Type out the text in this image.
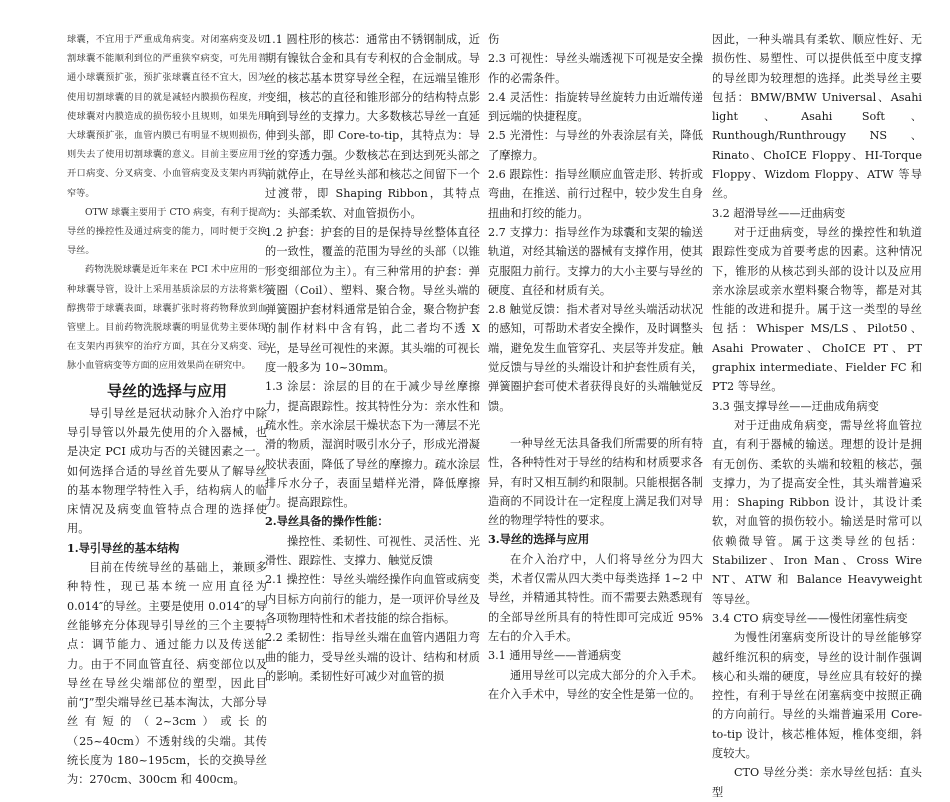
球囊，不宜用于严重成角病变。对闭塞病变及切割球囊不能顺利到位的严重狭窄病变，可先用普通小球囊预扩张，预扩张球囊直径不宜大，因为使用切割球囊的目的就是减轻内膜损伤程度，并使球囊对内膜造成的损伤较小且规则，如果先用大球囊预扩张，血管内膜已有明显不规则损伤，则失去了使用切割球囊的意义。目前主要应用于开口病变、分叉病变、小血管病变及支架内再狭窄等。

OTW 球囊主要用于 CTO 病变，有利于提高导丝的操控性及通过病变的能力，同时便于交换导丝。

药物洗脱球囊是近年来在 PCI 术中应用的一种球囊导管，设计上采用基质涂层的方法将紫杉醇携带于球囊表面，球囊扩张时将药物释放到血管壁上。目前药物洗脱球囊的明显优势主要体现在支架内再狭窄的治疗方面，其在分叉病变、冠脉小血管病变等方面的应用效果尚在研究中。

导丝的选择与应用

导引导丝是冠状动脉介入治疗中除导引导管以外最先使用的介入器械，也是决定 PCI 成功与否的关键因素之一。如何选择合适的导丝首先要从了解导丝的基本物理学特性入手，结构病人的临床情况及病变血管特点合理的选择使用。

1.导引导丝的基本结构

目前在传统导丝的基础上，兼顾多种特性，现已基本统一应用直径为 0.014″的导丝。主要是使用 0.014″的导丝能够充分体现导引导丝的三个主要特点：调节能力、通过能力以及传送能力。由于不同血管直径、病变部位以及导丝在导丝尖端部位的塑型，因此目前“J”型尖端导丝已基本淘汰，大部分导丝有短的（2~3cm）或长的（25~40cm）不透射线的尖端。其传统长度为 180~195cm，长的交换导丝为：270cm、300cm 和 400cm。

1.1 圆柱形的核芯：通常由不锈钢制成，近期有镍钛合金和具有专利权的合金制成。导丝的核芯基本贯穿导丝全程，在远端呈锥形变细，核芯的直径和锥形部分的结构特点影响到导丝的支撑力。大多数核芯导丝一直延伸到头部，即 Core-to-tip，其特点为：导丝的穿透力强。少数核芯在到达到死头部之前就停止，在导丝头部和核芯之间留下一个过渡带，即 Shaping Ribbon，其特点为：头部柔软、对血管损伤小。

1.2 护套：护套的目的是保持导丝整体直径的一致性，覆盖的范围为导丝的头部（以锥形变细部位为主）。有三种常用的护套：弹簧圈（Coil）、塑料、聚合物。导丝头端的弹簧圈护套材料通常是铂合金，聚合物护套的制作材料中含有钨，此二者均不透 X 光，是导丝可视性的来源。其头端的可视长度一般多为 10~30mm。

1.3 涂层：涂层的目的在于减少导丝摩擦力，提高跟踪性。按其特性分为：亲水性和疏水性。亲水涂层干燥状态下为一薄层不光滑的物质，湿润时吸引水分子，形成光滑凝胶状表面，降低了导丝的摩擦力。疏水涂层排斥水分子，表面呈蜡样光滑，降低摩擦力。提高跟踪性。

2.导丝具备的操作性能：

操控性、柔韧性、可视性、灵活性、光滑性、跟踪性、支撑力、触觉反馈

2.1 操控性：导丝头端经操作向血管或病变内目标方向前行的能力，是一项评价导丝及各项物理特性和术者技能的综合指标。

2.2 柔韧性：指导丝头端在血管内遇阻力弯曲的能力，受导丝头端的设计、结构和材质的影响。柔韧性好可减少对血管的损

伤

2.3 可视性：导丝头端透视下可视是安全操作的必需条件。

2.4 灵活性：指旋转导丝旋转力由近端传递到远端的快捷程度。

2.5 光滑性：与导丝的外表涂层有关，降低了摩擦力。

2.6 跟踪性：指导丝顺应血管走形、转折或弯曲，在推送、前行过程中，较少发生自身扭曲和打绞的能力。

2.7 支撑力：指导丝作为球囊和支架的输送轨道，对经其输送的器械有支撑作用，使其克服阻力前行。支撑力的大小主要与导丝的硬度、直径和材质有关。

2.8 触觉反馈：指术者对导丝头端活动状况的感知，可帮助术者安全操作，及时调整头端，避免发生血管穿孔、夹层等并发症。触觉反馈与导丝的头端设计和护套性质有关，弹簧圈护套可使术者获得良好的头端触觉反馈。

一种导丝无法具备我们所需要的所有特性，各种特性对于导丝的结构和材质要求各异，有时又相互制约和限制。只能根据各制造商的不同设计在一定程度上满足我们对导丝的物理学特性的要求。

3.导丝的选择与应用

在介入治疗中，人们将导丝分为四大类，术者仅需从四大类中每类选择 1~2 中导丝，并精通其特性。而不需要去熟悉现有的全部导丝所具有的特性即可完成近 95%左右的介入手术。

3.1 通用导丝——普通病变

通用导丝可以完成大部分的介入手术。在介入手术中，导丝的安全性是第一位的。

因此，一种头端具有柔软、顺应性好、无损伤性、易塑性、可以提供低至中度支撑的导丝即为较理想的选择。此类导丝主要包括：BMW/BMW Universal、Asahi light、Asahi Soft、Runthough/Runthrougy NS 、Rinato、ChoICE Floppy、HI-Torque Floppy、Wizdom Floppy、ATW 等导丝。

3.2 超滑导丝——迂曲病变

对于迂曲病变，导丝的操控性和轨道跟踪性变成为首要考虑的因素。这种情况下，锥形的从核芯到头部的设计以及应用亲水涂层或亲水塑料聚合物等，都是对其性能的改进和提升。属于这一类型的导丝包括：Whisper MS/LS、Pilot50、Asahi Prowater、ChoICE PT、PT graphix intermediate、Fielder FC 和 PT2 等导丝。

3.3 强支撑导丝——迂曲成角病变

对于迂曲成角病变，需导丝将血管拉直，有利于器械的输送。理想的设计是拥有无创伤、柔软的头端和较粗的核芯，强支撑力，为了提高安全性，其头端普遍采用：Shaping Ribbon 设计，其设计柔软，对血管的损伤较小。输送是时常可以依赖微导管。属于这类导丝的包括：Stabilizer、Iron Man、Cross Wire NT、ATW 和 Balance Heavyweight 等导丝。

3.4 CTO 病变导丝——慢性闭塞性病变

为慢性闭塞病变所设计的导丝能够穿越纤维沉积的病变，导丝的设计制作强调核心和头端的硬度，导丝应具有较好的操控性，有利于导丝在闭塞病变中按照正确的方向前行。导丝的头端普遍采用 Core-to-tip 设计，核芯椎体短，椎体变细，斜度较大。

CTO 导丝分类：亲水导丝包括：直头型
